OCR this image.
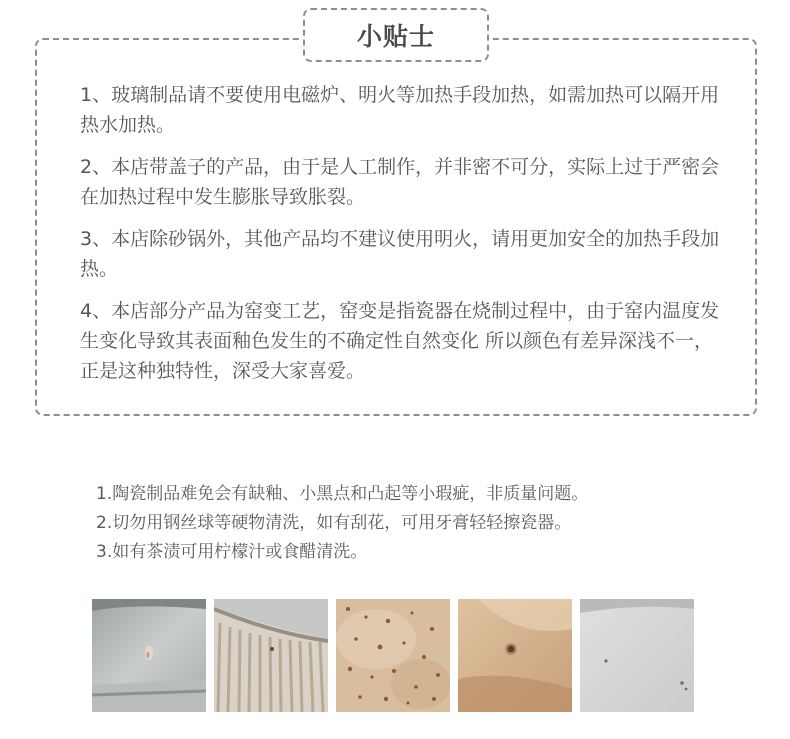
小贴士
1、玻璃制品请不要使用电磁炉、明火等加热手段加热，如需加热可以隔开用热水加热。
2、本店带盖子的产品，由于是人工制作，并非密不可分，实际上过于严密会在加热过程中发生膨胀导致胀裂。
3、本店除砂锅外，其他产品均不建议使用明火，请用更加安全的加热手段加热。
4、本店部分产品为窑变工艺，窑变是指瓷器在烧制过程中，由于窑内温度发生变化导致其表面釉色发生的不确定性自然变化 所以颜色有差异深浅不一，正是这种独特性，深受大家喜爱。
1.陶瓷制品难免会有缺釉、小黑点和凸起等小瑕疵，非质量问题。
2.切勿用钢丝球等硬物清洗，如有刮花，可用牙膏轻轻擦瓷器。
3.如有茶渍可用柠檬汁或食醋清洗。
